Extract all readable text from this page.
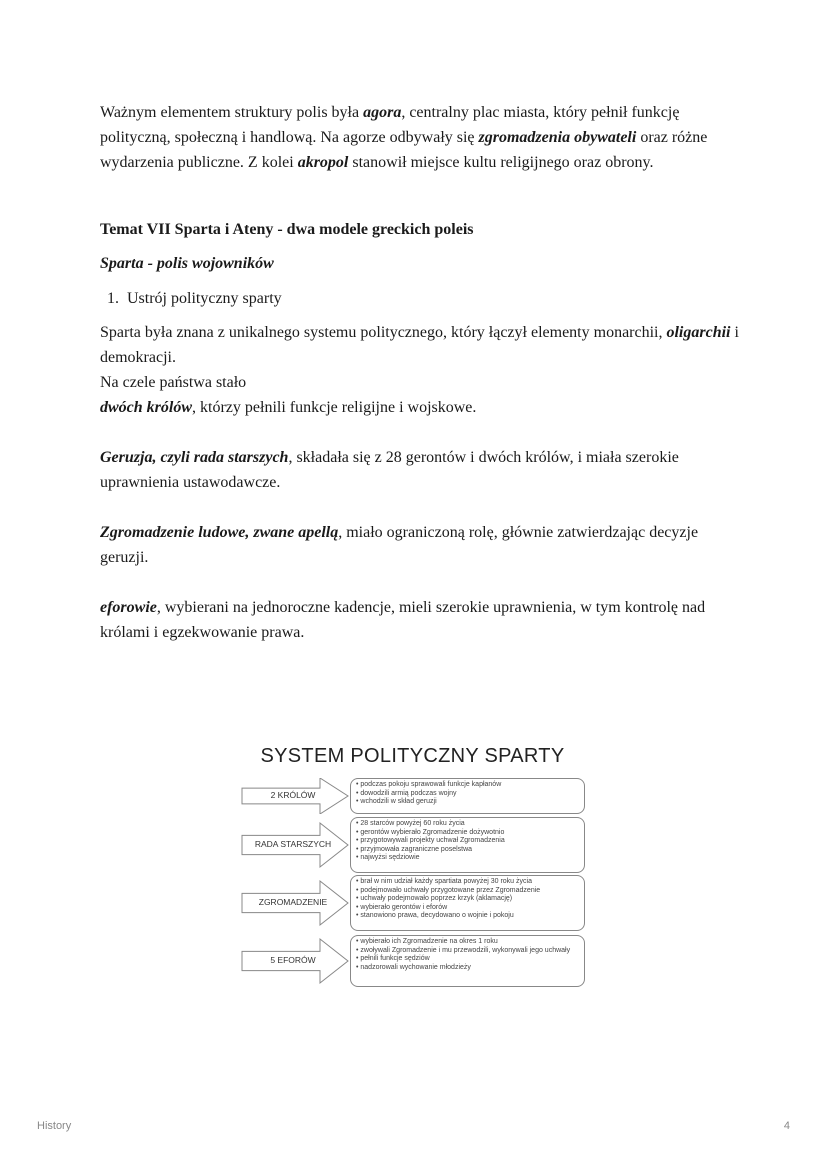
Ważnym elementem struktury polis była agora, centralny plac miasta, który pełnił funkcję polityczną, społeczną i handlową. Na agorze odbywały się zgromadzenia obywateli oraz różne wydarzenia publiczne. Z kolei akropol stanowił miejsce kultu religijnego oraz obrony.
Temat VII Sparta i Ateny - dwa modele greckich poleis
Sparta - polis wojowników
1. Ustrój polityczny sparty
Sparta była znana z unikalnego systemu politycznego, który łączył elementy monarchii, oligarchii i demokracji.
Na czele państwa stało
dwóch królów, którzy pełnili funkcje religijne i wojskowe.
Geruzja, czyli rada starszych, składała się z 28 gerontów i dwóch królów, i miała szerokie uprawnienia ustawodawcze.
Zgromadzenie ludowe, zwane apellą, miało ograniczoną rolę, głównie zatwierdzając decyzje geruzji.
eforowie, wybierani na jednoroczne kadencje, mieli szerokie uprawnienia, w tym kontrolę nad królami i egzekwowanie prawa.
SYSTEM POLITYCZNY SPARTY
2 KRÓLÓW
• podczas pokoju sprawowali funkcje kapłanów
• dowodzili armią podczas wojny
• wchodzili w skład geruzji
RADA STARSZYCH
• 28 starców powyżej 60 roku życia
• gerontów wybierało Zgromadzenie dożywotnio
• przygotowywali projekty uchwał Zgromadzenia
• przyjmowała zagraniczne poselstwa
• najwyżsi sędziowie
ZGROMADZENIE
• brał w nim udział każdy spartiata powyżej 30 roku życia
• podejmowało uchwały przygotowane przez Zgromadzenie
• uchwały podejmowało poprzez krzyk (aklamację)
• wybierało gerontów i eforów
• stanowiono prawa, decydowano o wojnie i pokoju
5 EFORÓW
• wybierało ich Zgromadzenie na okres 1 roku
• zwoływali Zgromadzenie i mu przewodzili, wykonywali jego uchwały
• pełnili funkcje sędziów
• nadzorowali wychowanie młodzieży
History	4
